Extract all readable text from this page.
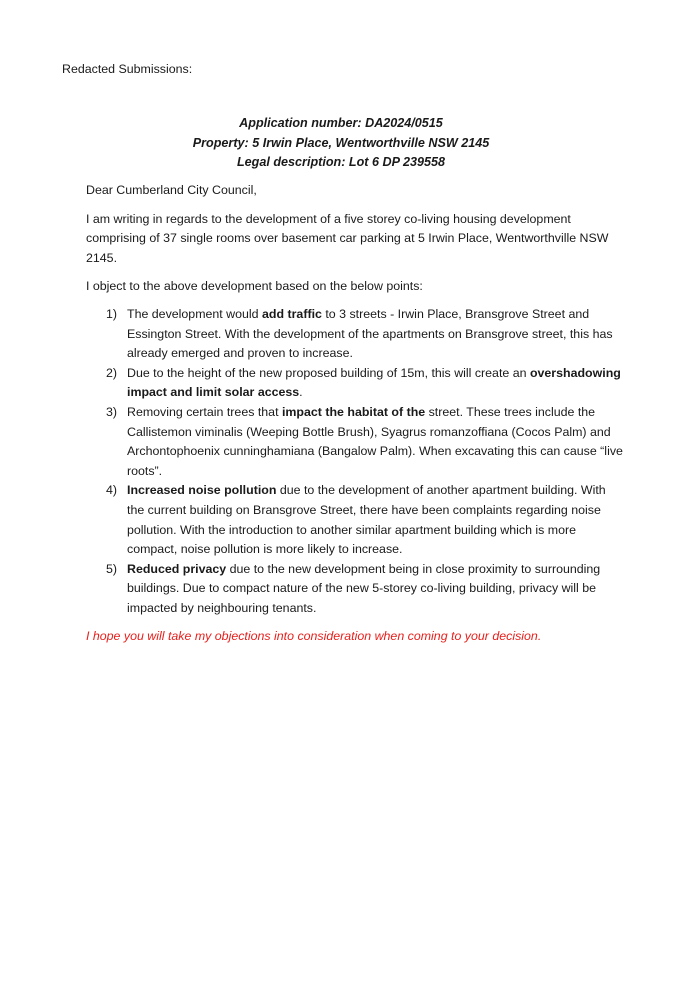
Redacted Submissions:
Application number: DA2024/0515
Property: 5 Irwin Place, Wentworthville NSW 2145
Legal description: Lot 6 DP 239558

Dear Cumberland City Council,

I am writing in regards to the development of a five storey co-living housing development comprising of 37 single rooms over basement car parking at 5 Irwin Place, Wentworthville NSW 2145.

I object to the above development based on the below points:

1) The development would add traffic to 3 streets - Irwin Place, Bransgrove Street and Essington Street. With the development of the apartments on Bransgrove street, this has already emerged and proven to increase.
2) Due to the height of the new proposed building of 15m, this will create an overshadowing impact and limit solar access.
3) Removing certain trees that impact the habitat of the street. These trees include the Callistemon viminalis (Weeping Bottle Brush), Syagrus romanzoffiana (Cocos Palm) and Archontophoenix cunninghamiana (Bangalow Palm). When excavating this can cause “live roots”.
4) Increased noise pollution due to the development of another apartment building. With the current building on Bransgrove Street, there have been complaints regarding noise pollution. With the introduction to another similar apartment building which is more compact, noise pollution is more likely to increase.
5) Reduced privacy due to the new development being in close proximity to surrounding buildings. Due to compact nature of the new 5-storey co-living building, privacy will be impacted by neighbouring tenants.

I hope you will take my objections into consideration when coming to your decision.
